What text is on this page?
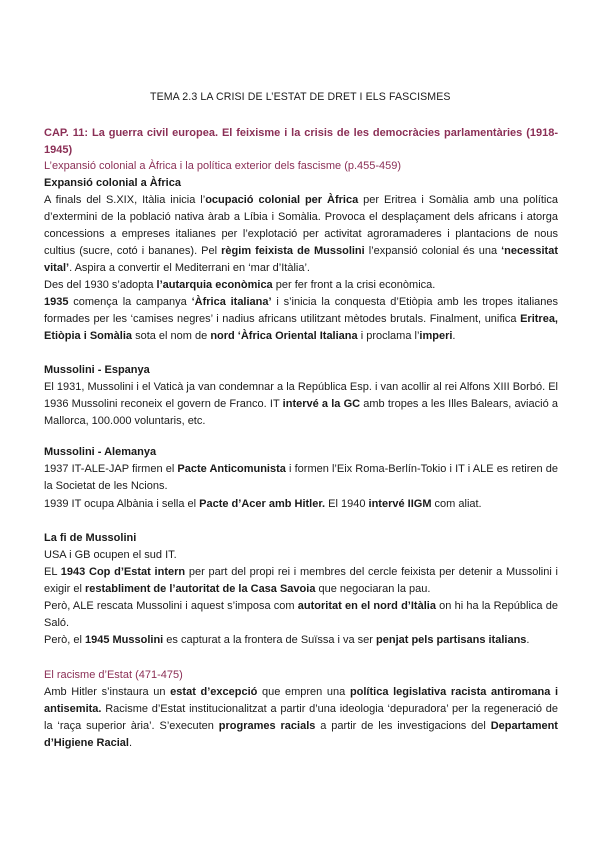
TEMA 2.3 LA CRISI DE L’ESTAT DE DRET I ELS FASCISMES
CAP. 11: La guerra civil europea. El feixisme i la crisis de les democràcies parlamentàries (1918-1945)
L’expansió colonial a Àfrica i la política exterior dels fascisme (p.455-459)
Expansió colonial a Àfrica
A finals del S.XIX, Itàlia inicia l’ocupació colonial per Àfrica per Eritrea i Somàlia amb una política d’extermini de la població nativa àrab a Líbia i Somàlia. Provoca el desplaçament dels africans i atorga concessions a empreses italianes per l’explotació per activitat agroramaderes i plantacions de nous cultius (sucre, cotó i bananes). Pel règim feixista de Mussolini l’expansió colonial és una ‘necessitat vital’. Aspira a convertir el Mediterrani en ‘mar d’Itàlia’.
Des del 1930 s’adopta l’autarquia econòmica per fer front a la crisi econòmica.
1935 comença la campanya ‘Àfrica italiana’ i s’inicia la conquesta d’Etiòpia amb les tropes italianes formades per les ‘camises negres’ i nadius africans utilitzant mètodes brutals. Finalment, unifica Eritrea, Etiòpia i Somàlia sota el nom de nord ‘Àfrica Oriental Italiana i proclama l’imperi.
Mussolini - Espanya
El 1931, Mussolini i el Vaticà ja van condemnar a la República Esp. i van acollir al rei Alfons XIII Borbó. El 1936 Mussolini reconeix el govern de Franco. IT intervé a la GC amb tropes a les Illes Balears, aviació a Mallorca, 100.000 voluntaris, etc.
Mussolini - Alemanya
1937 IT-ALE-JAP firmen el Pacte Anticomunista i formen l’Eix Roma-Berlín-Tokio i IT i ALE es retiren de la Societat de les Ncions.
1939 IT ocupa Albània i sella el Pacte d’Acer amb Hitler. El 1940 intervé IIGM com aliat.
La fi de Mussolini
USA i GB ocupen el sud IT.
EL 1943 Cop d’Estat intern per part del propi rei i membres del cercle feixista per detenir a Mussolini i exigir el restabliment de l’autoritat de la Casa Savoia que negociaran la pau.
Però, ALE rescata Mussolini i aquest s’imposa com autoritat en el nord d’Itàlia on hi ha la República de Saló.
Però, el 1945 Mussolini es capturat a la frontera de Suïssa i va ser penjat pels partisans italians.
El racisme d’Estat (471-475)
Amb Hitler s’instaura un estat d’excepció que empren una política legislativa racista antiromana i antisemita. Racisme d’Estat institucionalitzat a partir d’una ideologia ‘depuradora’ per la regeneració de la ‘raça superior ària’. S’executen programes racials a partir de les investigacions del Departament d’Higiene Racial.
